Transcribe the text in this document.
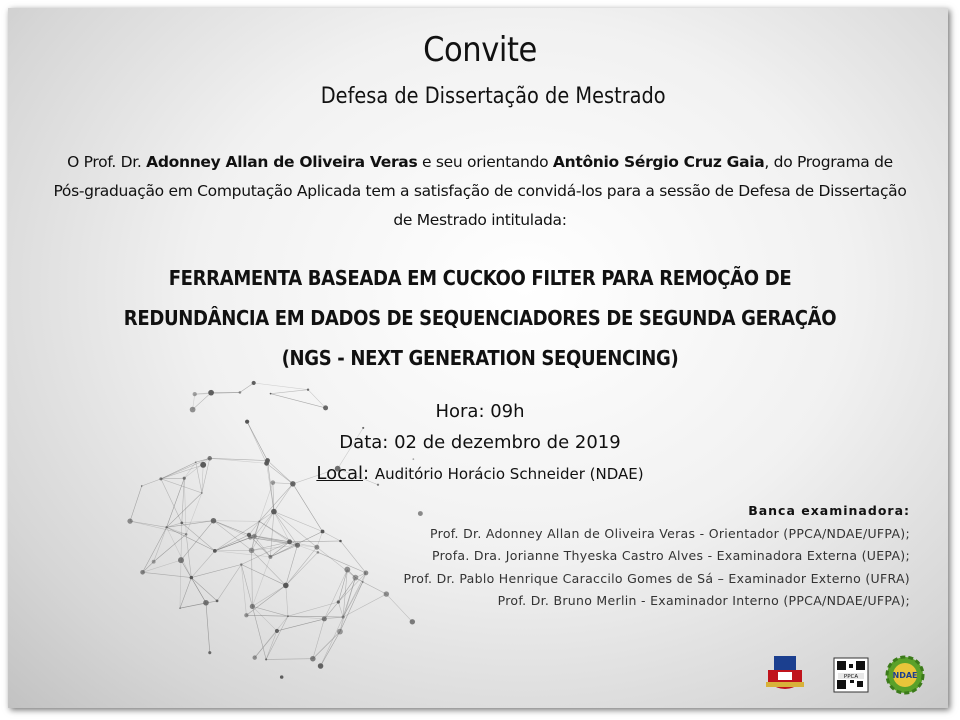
Convite
Defesa de Dissertação de Mestrado
O Prof. Dr. Adonney Allan de Oliveira Veras e seu orientando Antônio Sérgio Cruz Gaia, do Programa de Pós-graduação em Computação Aplicada tem a satisfação de convidá-los para a sessão de Defesa de Dissertação de Mestrado intitulada:
FERRAMENTA BASEADA EM CUCKOO FILTER PARA REMOÇÃO DE
REDUNDÂNCIA EM DADOS DE SEQUENCIADORES DE SEGUNDA GERAÇÃO
(NGS - NEXT GENERATION SEQUENCING)
Hora: 09h
Data: 02 de dezembro de 2019
Local: Auditório Horácio Schneider (NDAE)
Banca examinadora:
Prof. Dr. Adonney Allan de Oliveira Veras - Orientador (PPCA/NDAE/UFPA);
Profa. Dra. Jorianne Thyeska Castro Alves - Examinadora Externa (UEPA);
Prof. Dr. Pablo Henrique Caraccilo Gomes de Sá – Examinador Externo (UFRA)
Prof. Dr. Bruno Merlin - Examinador Interno (PPCA/NDAE/UFPA);
PPCA	NDAE
